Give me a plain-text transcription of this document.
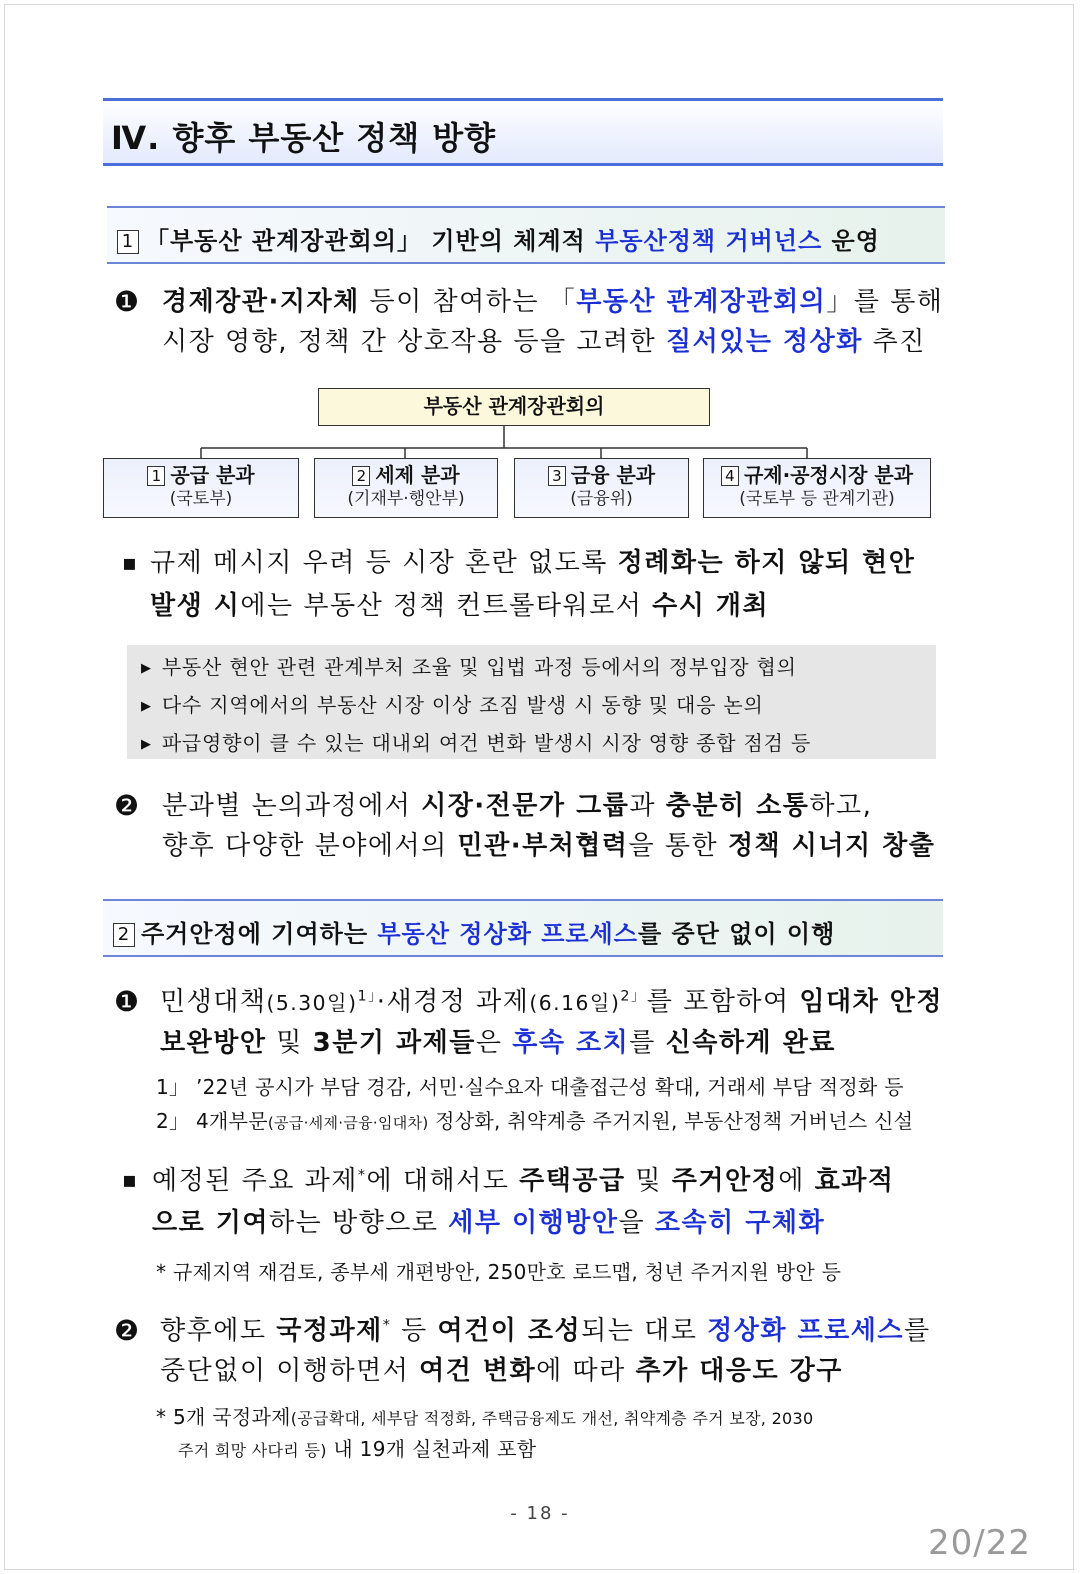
Ⅳ. 향후 부동산 정책 방향
1 「부동산 관계장관회의」 기반의 체계적 부동산정책 거버넌스 운영
❶ 경제장관·지자체 등이 참여하는 「부동산 관계장관회의」를 통해
시장 영향, 정책 간 상호작용 등을 고려한 질서있는 정상화 추진
부동산 관계장관회의
1 공급 분과
(국토부)
2 세제 분과
(기재부·행안부)
3 금융 분과
(금융위)
4 규제·공정시장 분과
(국토부 등 관계기관)
▪ 규제 메시지 우려 등 시장 혼란 없도록 정례화는 하지 않되 현안
발생 시에는 부동산 정책 컨트롤타워로서 수시 개최
▶ 부동산 현안 관련 관계부처 조율 및 입법 과정 등에서의 정부입장 협의
▶ 다수 지역에서의 부동산 시장 이상 조짐 발생 시 동향 및 대응 논의
▶ 파급영향이 클 수 있는 대내외 여건 변화 발생시 시장 영향 종합 점검 등
❷ 분과별 논의과정에서 시장·전문가 그룹과 충분히 소통하고,
향후 다양한 분야에서의 민관·부처협력을 통한 정책 시너지 창출
2 주거안정에 기여하는 부동산 정상화 프로세스를 중단 없이 이행
❶ 민생대책(5.30일)$^{1」}$·새경정 과제(6.16일)$^{2」}$를 포함하여 임대차 안정
보완방안 및 3분기 과제들은 후속 조치를 신속하게 완료
1」 ’22년 공시가 부담 경감, 서민·실수요자 대출접근성 확대, 거래세 부담 적정화 등
2」 4개부문(공급·세제·금융·임대차) 정상화, 취약계층 주거지원, 부동산정책 거버넌스 신설
▪ 예정된 주요 과제*에 대해서도 주택공급 및 주거안정에 효과적
으로 기여하는 방향으로 세부 이행방안을 조속히 구체화
* 규제지역 재검토, 종부세 개편방안, 250만호 로드맵, 청년 주거지원 방안 등
❷ 향후에도 국정과제* 등 여건이 조성되는 대로 정상화 프로세스를
중단없이 이행하면서 여건 변화에 따라 추가 대응도 강구
* 5개 국정과제(공급확대, 세부담 적정화, 주택금융제도 개선, 취약계층 주거 보장, 2030
주거 희망 사다리 등) 내 19개 실천과제 포함
- 18 -
20/22
